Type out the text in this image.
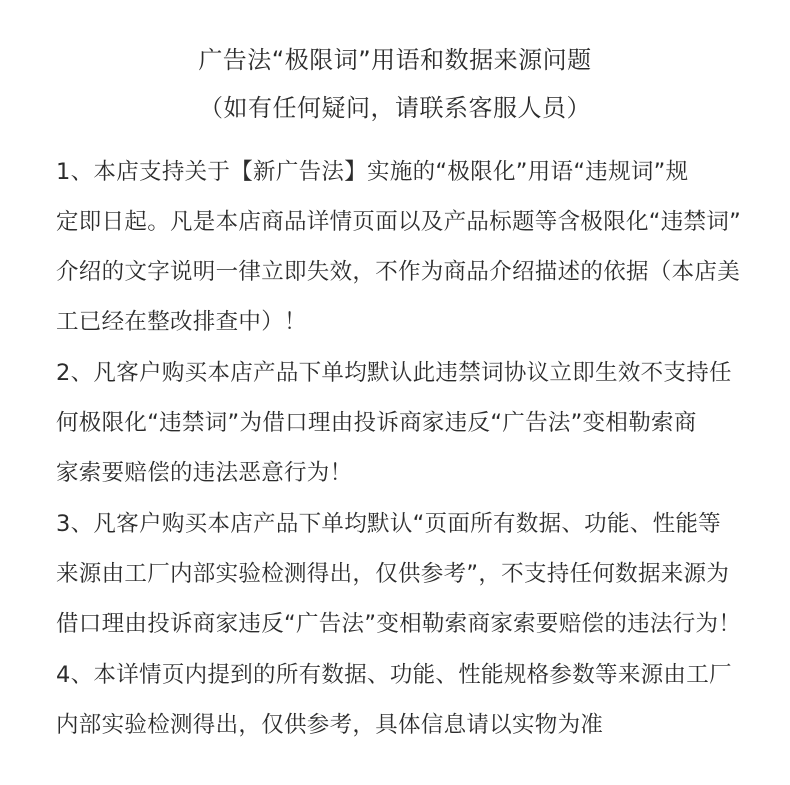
广告法“极限词”用语和数据来源问题
（如有任何疑问，请联系客服人员）
1、本店支持关于【新广告法】实施的“极限化”用语“违规词”规
定即日起。凡是本店商品详情页面以及产品标题等含极限化“违禁词”
介绍的文字说明一律立即失效，不作为商品介绍描述的依据（本店美
工已经在整改排查中）！
2、凡客户购买本店产品下单均默认此违禁词协议立即生效不支持任
何极限化“违禁词”为借口理由投诉商家违反“广告法”变相勒索商
家索要赔偿的违法恶意行为！
3、凡客户购买本店产品下单均默认“页面所有数据、功能、性能等
来源由工厂内部实验检测得出，仅供参考”，不支持任何数据来源为
借口理由投诉商家违反“广告法”变相勒索商家索要赔偿的违法行为！
4、本详情页内提到的所有数据、功能、性能规格参数等来源由工厂
内部实验检测得出，仅供参考，具体信息请以实物为准
